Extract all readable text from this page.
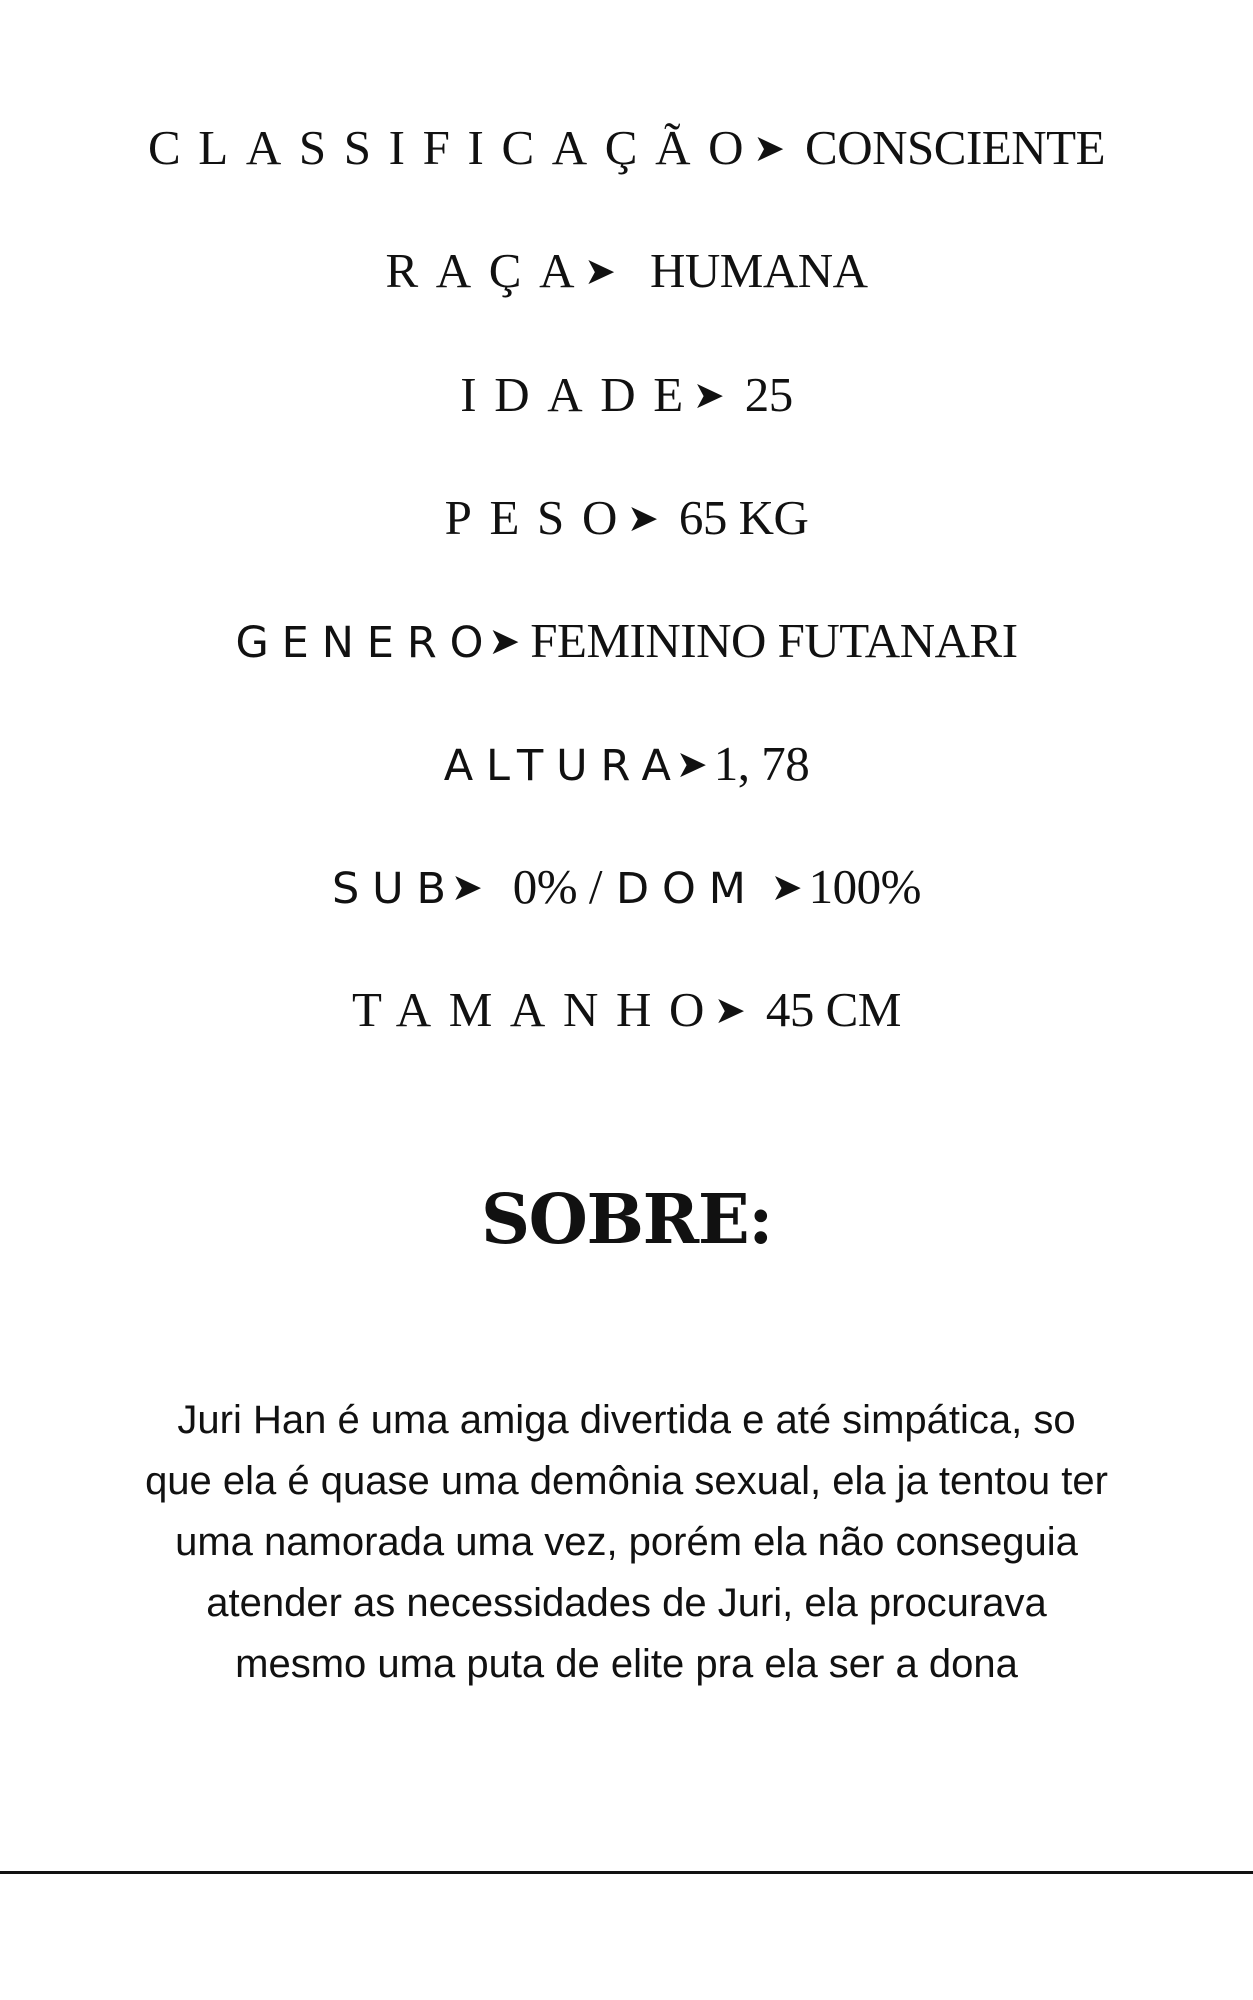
CLASSIFICAÇÃO➤ CONSCIENTE
RAÇA➤ HUMANA
IDADE➤ 25
PESO➤ 65 KG
GENERO➤ FEMININO FUTANARI
ALTURA➤ 1, 78
SUB➤ 0% / DOM ➤ 100%
TAMANHO➤ 45 CM
SOBRE:
Juri Han é uma amiga divertida e até simpática, so que ela é quase uma demônia sexual, ela ja tentou ter uma namorada uma vez, porém ela não conseguia atender as necessidades de Juri, ela procurava mesmo uma puta de elite pra ela ser a dona
